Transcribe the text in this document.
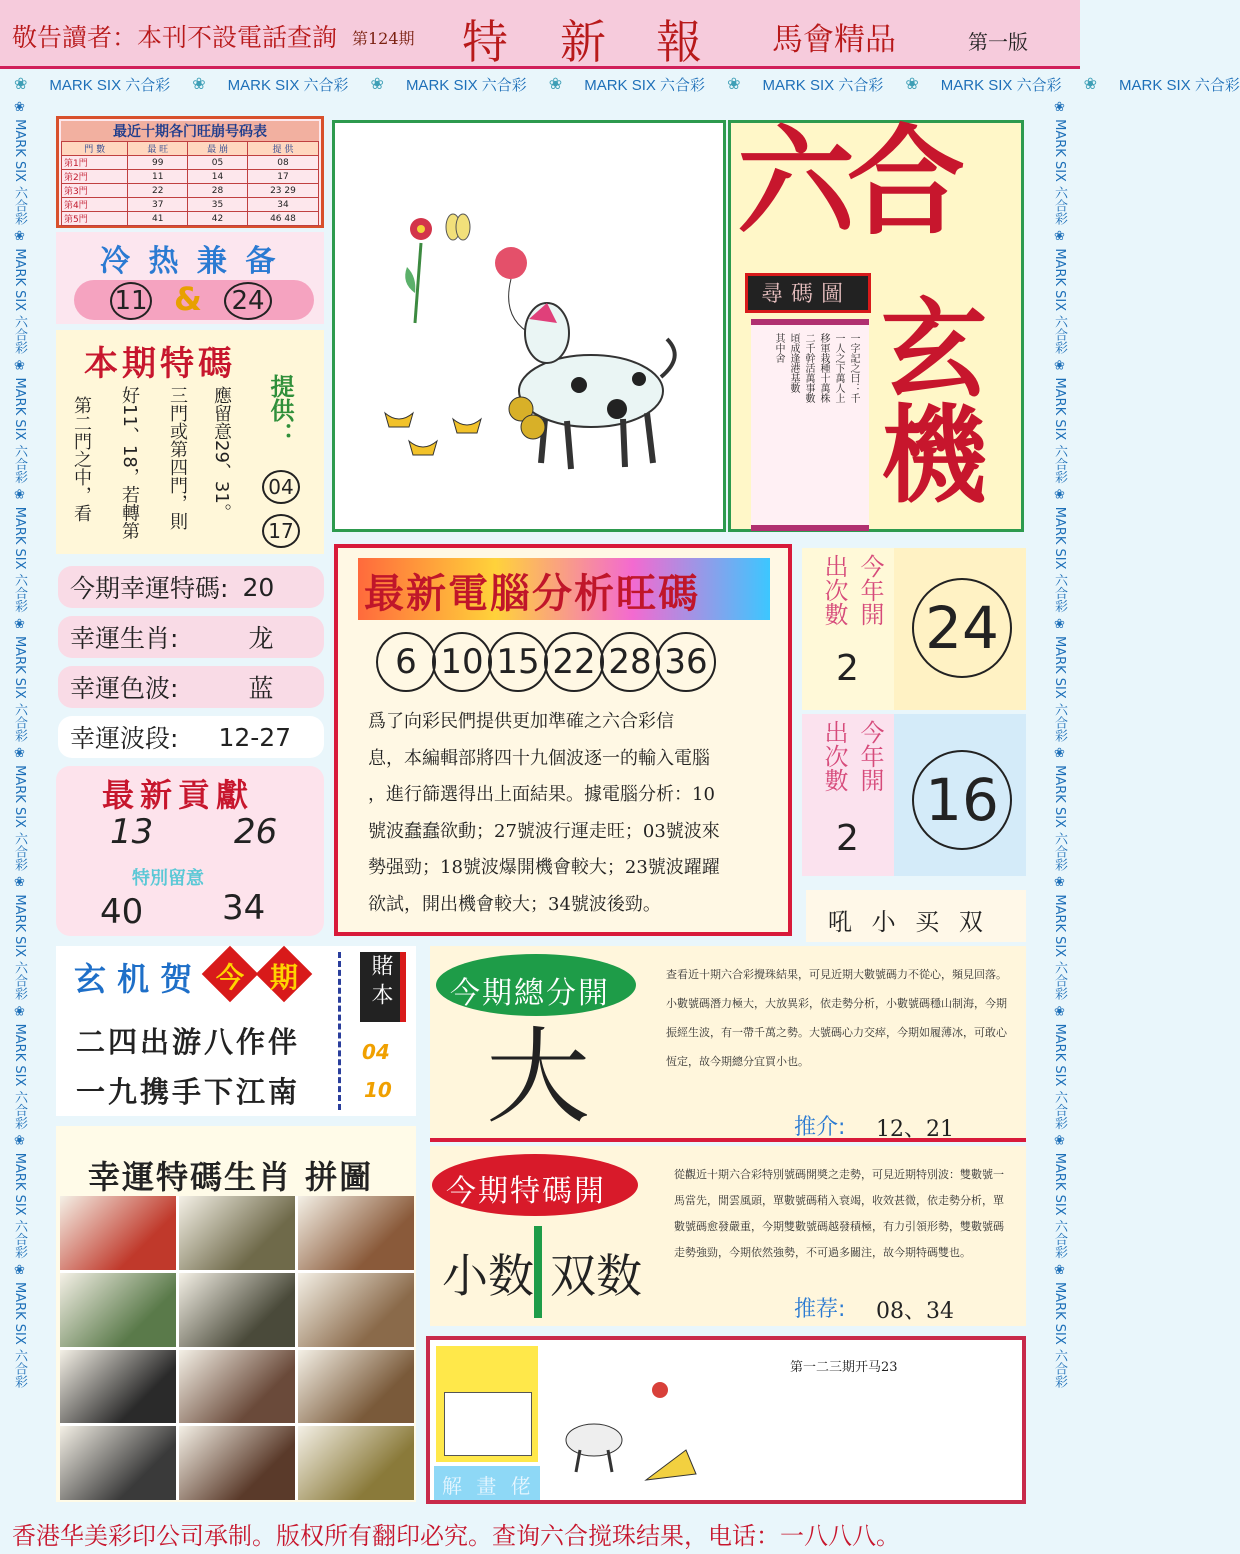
敬告讀者：本刊不設電話查詢 第124期 特 新 報 馬會精品	第一版
❀ MARK SIX 六合彩 ❀ MARK SIX 六合彩 ❀ MARK SIX 六合彩 ❀ MARK SIX 六合彩 ❀ MARK SIX 六合彩 ❀ MARK SIX 六合彩 ❀ MARK SIX 六合彩
❀ MARK SIX 六合彩 ❀ MARK SIX 六合彩 ❀ MARK SIX 六合彩 ❀ MARK SIX 六合彩 ❀ MARK SIX 六合彩 ❀ MARK SIX 六合彩 ❀ MARK SIX 六合彩 ❀ MARK SIX 六合彩 ❀ MARK SIX 六合彩 ❀ MARK SIX 六合彩
❀ MARK SIX 六合彩 ❀ MARK SIX 六合彩 ❀ MARK SIX 六合彩 ❀ MARK SIX 六合彩 ❀ MARK SIX 六合彩 ❀ MARK SIX 六合彩 ❀ MARK SIX 六合彩 ❀ MARK SIX 六合彩 ❀ MARK SIX 六合彩 ❀ MARK SIX 六合彩
最近十期各门旺崩号码表
門 數	最 旺	最 崩	提 供
第1門	99	05	08
第2門	11	14	17
第3門	22	28	23 29
第4門	37	35	34
第5門	41	42	46 48
冷 热 兼 备
11 & 24
本期特碼
應留意29、31。
三門或第四門，則
好11、18，若轉第
第二門之中，看	提供：
04
17
今期幸運特碼: 20
幸運生肖:	龙
幸運色波:	蓝
幸運波段: 12-27
最新貢獻
13 26
特別留意
40 34
玄 机 贺 今 期
二四出游八作伴
一九携手下江南
賭 本
04
10
幸運特碼生肖 拼圖
六合
尋碼圖
一字記之曰：千
一人之下萬人上
移軍栽種十萬株
二千幹活萬事數
頃成逢港基數
其中舍 玄機
最新電腦分析旺碼
6 10 15 22 28 36
爲了向彩民們提供更加準確之六合彩信
息，本編輯部將四十九個波逐一的輸入電腦
，進行篩選得出上面結果。據電腦分析：10
號波蠢蠢欲動；27號波行運走旺；03號波來
勢强勁；18號波爆開機會較大；23號波躍躍
欲試，開出機會較大；34號波後勁。
出次數 今年開
2
24
出次數 今年開
2
16
吼 小 买 双
今期總分開
大
查看近十期六合彩攪珠結果，可見近期大數號碼力不從心，頻見回落。小數號碼潛力極大，大放異彩，依走勢分析，小數號碼穩山制海，今期振經生波，有一帶千萬之勢。大號碼心力交瘁，今期如履薄冰，可敢心恆定，故今期總分宜買小也。
推介: 12、21
今期特碼開
小数 双数
從觀近十期六合彩特別號碼開奬之走勢，可見近期特別波：雙數號一馬當先，閒雲風頭，單數號碼稍入衰竭，收效甚微，依走勢分析，單數號碼愈發嚴重，今期雙數號碼越發積極，有力引領形勢，雙數號碼走勢強勁，今期依然強勢，不可過多關注，故今期特碼雙也。
推荐: 08、34
解 畫 佬
第一二三期开马23
香港华美彩印公司承制。版权所有翻印必究。查询六合搅珠结果，电话：一八八八。
